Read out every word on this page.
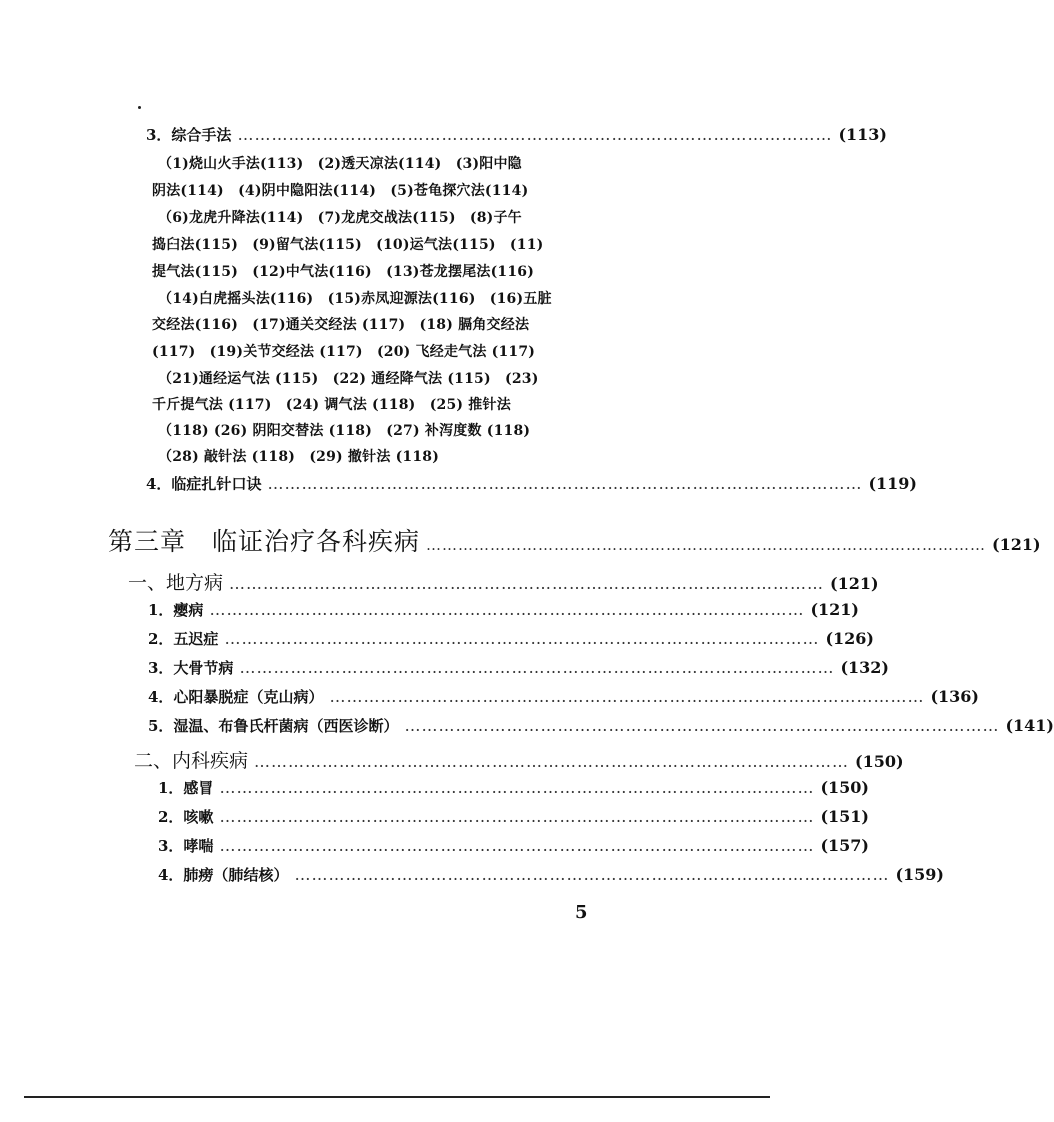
3．综合手法 …………………………………………………………………………………………… (113)
（1)烧山火手法(113)　(2)透天凉法(114)　(3)阳中隐
阴法(114)　(4)阴中隐阳法(114)　(5)苍龟探穴法(114)
（6)龙虎升降法(114)　(7)龙虎交战法(115)　(8)子午
捣臼法(115)　(9)留气法(115)　(10)运气法(115)　(11)
提气法(115)　(12)中气法(116)　(13)苍龙摆尾法(116)
（14)白虎摇头法(116)　(15)赤凤迎源法(116)　(16)五脏
交经法(116)　(17)通关交经法 (117)　(18) 膈角交经法
(117)　(19)关节交经法 (117)　(20) 飞经走气法 (117)
（21)通经运气法 (115)　(22) 通经降气法 (115)　(23)
千斤提气法 (117)　(24) 调气法 (118)　(25) 推针法
（118) (26) 阴阳交替法 (118)　(27) 补泻度数 (118)
（28) 敲针法 (118)　(29) 撤针法 (118)
4．临症扎针口诀 …………………………………………………………………………………………… (119)
第三章　临证治疗各科疾病 …………………………………………………………………………………………… (121)
一、地方病 …………………………………………………………………………………………… (121)
1．瘿病 …………………………………………………………………………………………… (121)
2．五迟症 …………………………………………………………………………………………… (126)
3．大骨节病 …………………………………………………………………………………………… (132)
4．心阳暴脱症（克山病） …………………………………………………………………………………………… (136)
5．湿温、布鲁氏杆菌病（西医诊断） …………………………………………………………………………………………… (141)
二、内科疾病 …………………………………………………………………………………………… (150)
1．感冒 …………………………………………………………………………………………… (150)
2．咳嗽 …………………………………………………………………………………………… (151)
3．哮喘 …………………………………………………………………………………………… (157)
4．肺痨（肺结核） …………………………………………………………………………………………… (159)
5
